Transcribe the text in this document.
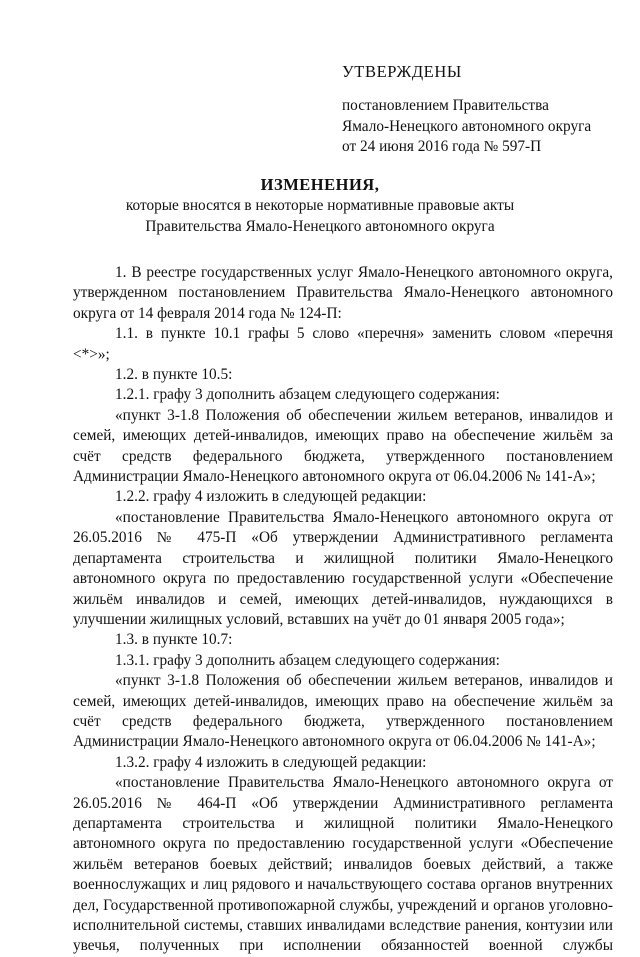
УТВЕРЖДЕНЫ
постановлением Правительства
Ямало-Ненецкого автономного округа
от 24 июня 2016 года № 597-П
ИЗМЕНЕНИЯ,
которые вносятся в некоторые нормативные правовые акты
Правительства Ямало-Ненецкого автономного округа

1. В реестре государственных услуг Ямало-Ненецкого автономного округа, утвержденном постановлением Правительства Ямало-Ненецкого автономного округа от 14 февраля 2014 года № 124-П:

1.1. в пункте 10.1 графы 5 слово «перечня» заменить словом «перечня <*>»;

1.2. в пункте 10.5:

1.2.1. графу 3 дополнить абзацем следующего содержания:

«пункт 3-1.8 Положения об обеспечении жильем ветеранов, инвалидов и семей, имеющих детей-инвалидов, имеющих право на обеспечение жильём за счёт средств федерального бюджета, утвержденного постановлением Администрации Ямало-Ненецкого автономного округа от 06.04.2006 № 141-А»;

1.2.2. графу 4 изложить в следующей редакции:

«постановление Правительства Ямало-Ненецкого автономного округа от 26.05.2016 № 475-П «Об утверждении Административного регламента департамента строительства и жилищной политики Ямало-Ненецкого автономного округа по предоставлению государственной услуги «Обеспечение жильём инвалидов и семей, имеющих детей-инвалидов, нуждающихся в улучшении жилищных условий, вставших на учёт до 01 января 2005 года»;

1.3. в пункте 10.7:

1.3.1. графу 3 дополнить абзацем следующего содержания:

«пункт 3-1.8 Положения об обеспечении жильем ветеранов, инвалидов и семей, имеющих детей-инвалидов, имеющих право на обеспечение жильём за счёт средств федерального бюджета, утвержденного постановлением Администрации Ямало-Ненецкого автономного округа от 06.04.2006 № 141-А»;

1.3.2. графу 4 изложить в следующей редакции:

«постановление Правительства Ямало-Ненецкого автономного округа от 26.05.2016 № 464-П «Об утверждении Административного регламента департамента строительства и жилищной политики Ямало-Ненецкого автономного округа по предоставлению государственной услуги «Обеспечение жильём ветеранов боевых действий; инвалидов боевых действий, а также военнослужащих и лиц рядового и начальствующего состава органов внутренних дел, Государственной противопожарной службы, учреждений и органов уголовно-исполнительной системы, ставших инвалидами вследствие ранения, контузии или увечья, полученных при исполнении обязанностей военной службы
